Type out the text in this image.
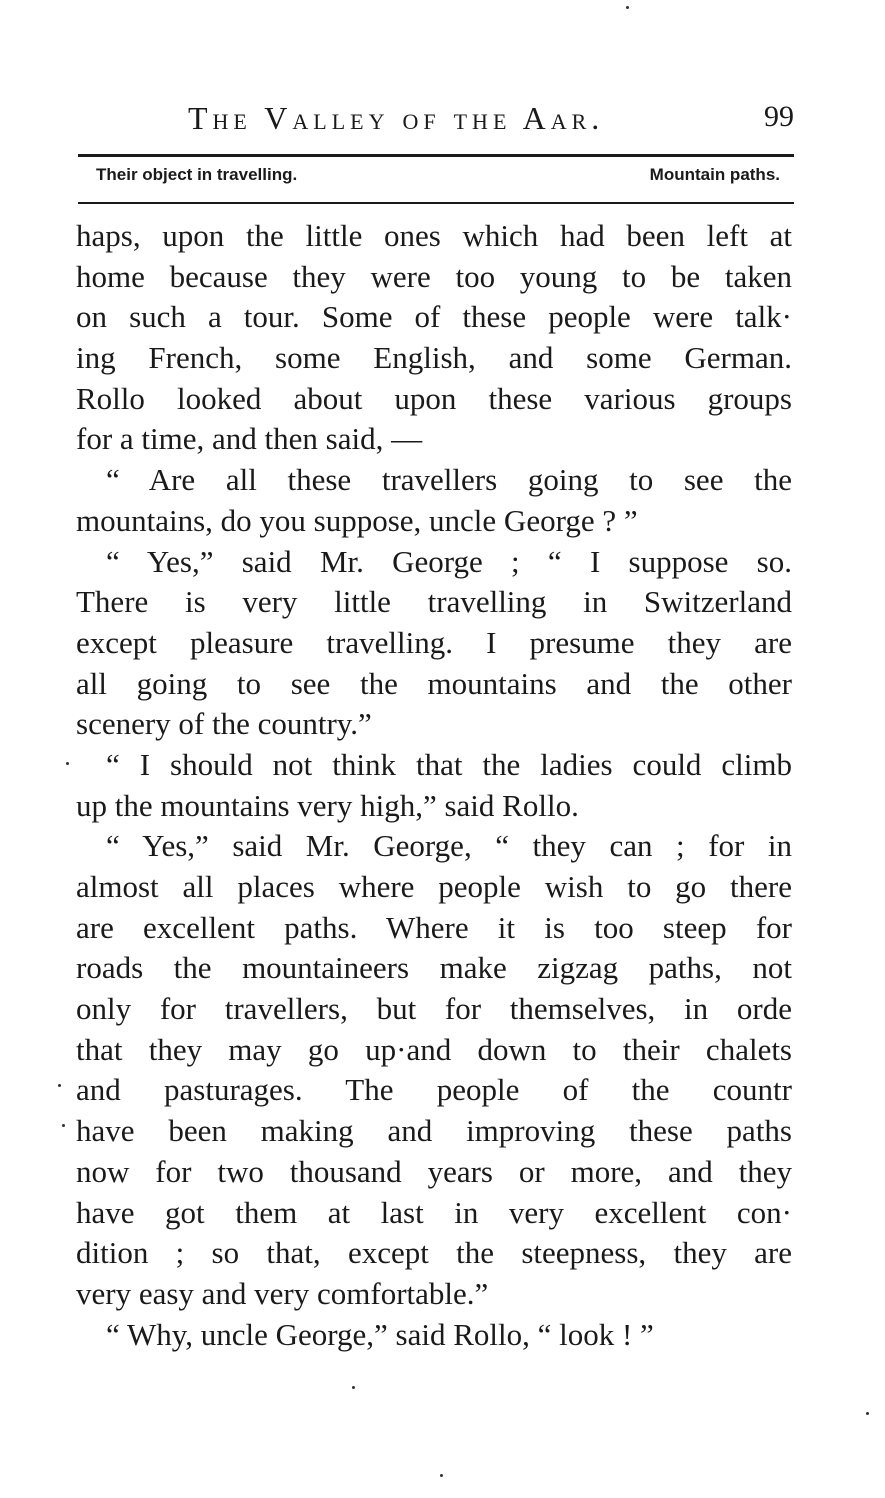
The Valley of the Aar.	99
Their object in travelling.	Mountain paths.
haps, upon the little ones which had been left at
home because they were too young to be taken
on such a tour. Some of these people were talk·
ing French, some English, and some German.
Rollo looked about upon these various groups
for a time, and then said, —
“ Are all these travellers going to see the
mountains, do you suppose, uncle George ? ”
“ Yes,” said Mr. George ; “ I suppose so.
There is very little travelling in Switzerland
except pleasure travelling. I presume they are
all going to see the mountains and the other
scenery of the country.”
“ I should not think that the ladies could climb
up the mountains very high,” said Rollo.
“ Yes,” said Mr. George, “ they can ; for in
almost all places where people wish to go there
are excellent paths. Where it is too steep for
roads the mountaineers make zigzag paths, not
only for travellers, but for themselves, in orde
that they may go up·and down to their chalets
and pasturages. The people of the countr
have been making and improving these paths
now for two thousand years or more, and they
have got them at last in very excellent con·
dition ; so that, except the steepness, they are
very easy and very comfortable.”
“ Why, uncle George,” said Rollo, “ look ! ”
